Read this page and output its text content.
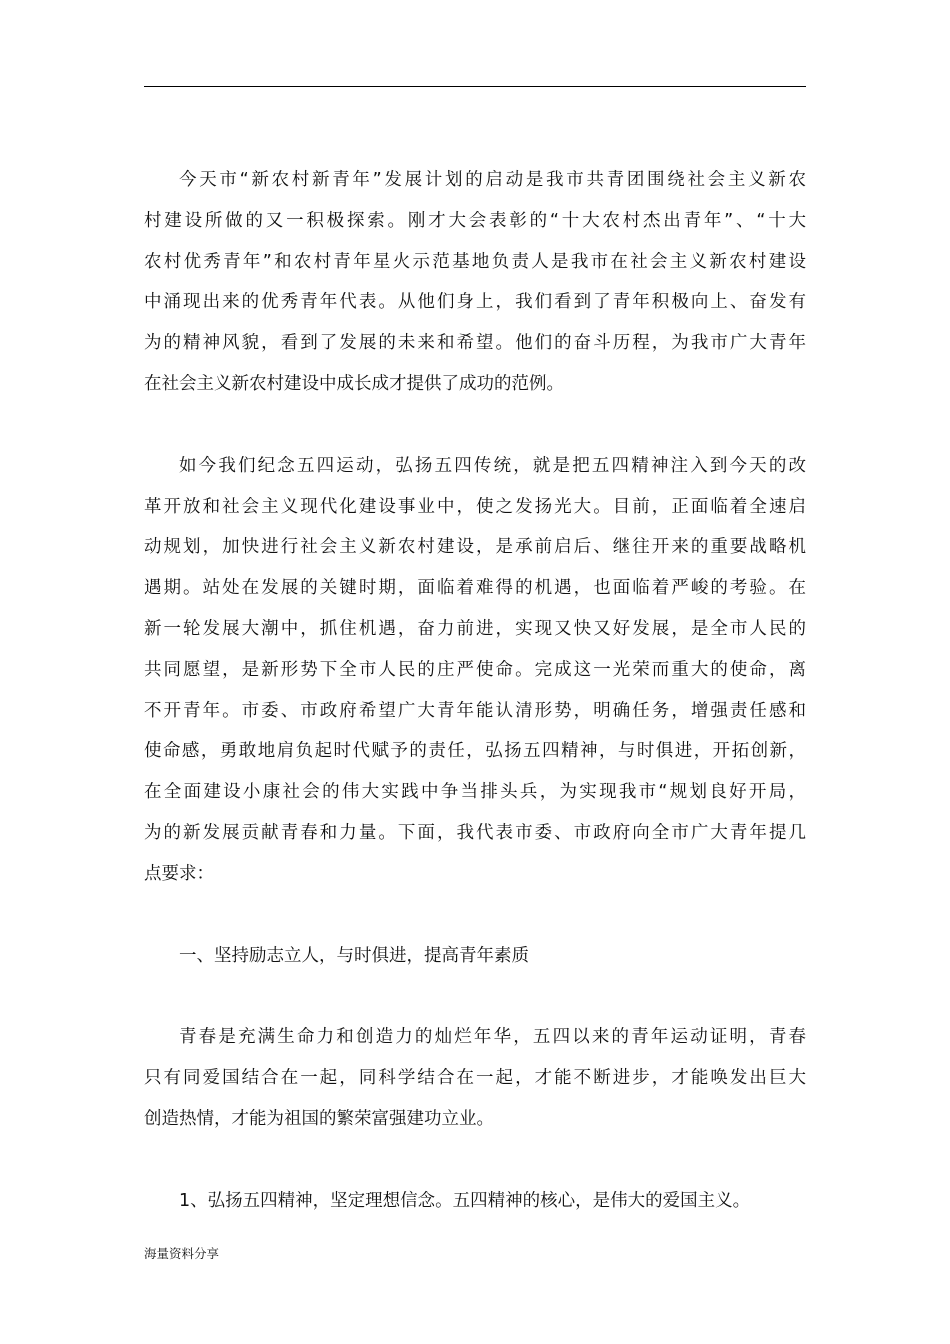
今天市“新农村新青年”发展计划的启动是我市共青团围绕社会主义新农
村建设所做的又一积极探索。刚才大会表彰的“十大农村杰出青年”、“十大
农村优秀青年”和农村青年星火示范基地负责人是我市在社会主义新农村建设
中涌现出来的优秀青年代表。从他们身上，我们看到了青年积极向上、奋发有
为的精神风貌，看到了发展的未来和希望。他们的奋斗历程，为我市广大青年
在社会主义新农村建设中成长成才提供了成功的范例。
如今我们纪念五四运动，弘扬五四传统，就是把五四精神注入到今天的改
革开放和社会主义现代化建设事业中，使之发扬光大。目前，正面临着全速启
动规划，加快进行社会主义新农村建设，是承前启后、继往开来的重要战略机
遇期。站处在发展的关键时期，面临着难得的机遇，也面临着严峻的考验。在
新一轮发展大潮中，抓住机遇，奋力前进，实现又快又好发展，是全市人民的
共同愿望，是新形势下全市人民的庄严使命。完成这一光荣而重大的使命，离
不开青年。市委、市政府希望广大青年能认清形势，明确任务，增强责任感和
使命感，勇敢地肩负起时代赋予的责任，弘扬五四精神，与时俱进，开拓创新，
在全面建设小康社会的伟大实践中争当排头兵，为实现我市“规划良好开局，
为的新发展贡献青春和力量。下面，我代表市委、市政府向全市广大青年提几
点要求：
一、坚持励志立人，与时俱进，提高青年素质
青春是充满生命力和创造力的灿烂年华，五四以来的青年运动证明，青春
只有同爱国结合在一起，同科学结合在一起，才能不断进步，才能唤发出巨大
创造热情，才能为祖国的繁荣富强建功立业。
1、弘扬五四精神，坚定理想信念。五四精神的核心，是伟大的爱国主义。
海量资料分享
